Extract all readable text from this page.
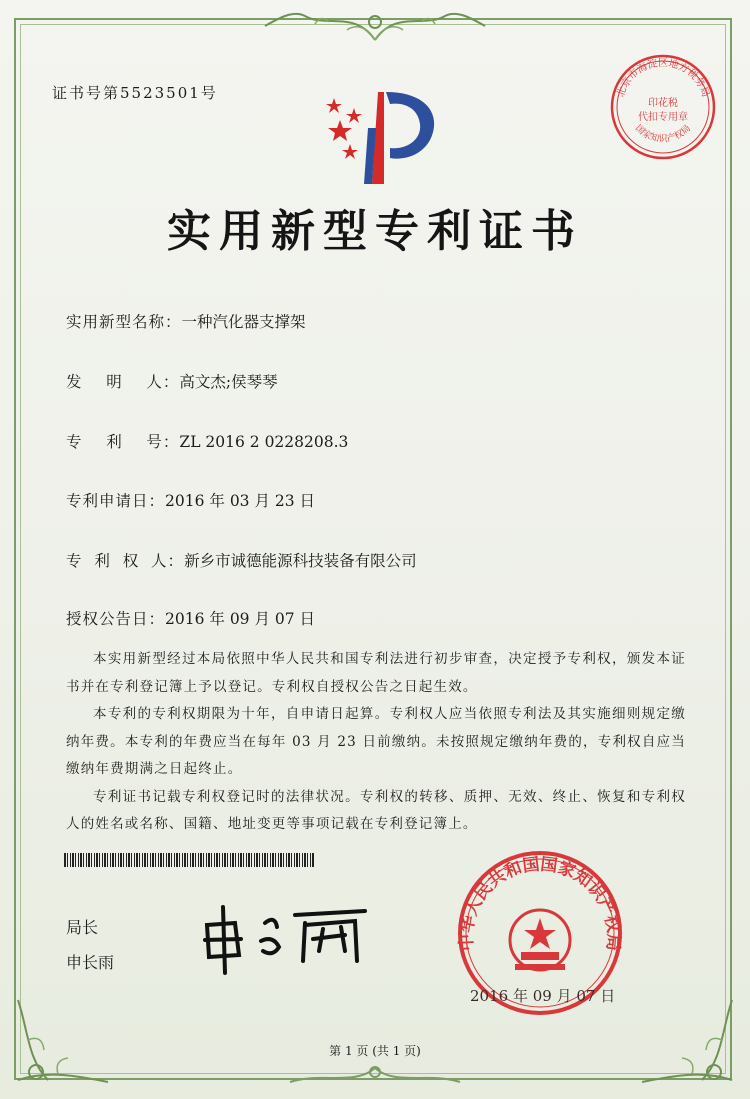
证书号第5523501号	北京市海淀区地方税务局
印花税
代扣专用章
国家知识产权局
实用新型专利证书
实用新型名称：一种汽化器支撑架
发    明    人：高文杰;侯琴琴
专    利    号：ZL 2016 2 0228208.3
专利申请日：2016 年 03 月 23 日
专  利  权  人：新乡市诚德能源科技装备有限公司
授权公告日：2016 年 09 月 07 日

本实用新型经过本局依照中华人民共和国专利法进行初步审查，决定授予专利权，颁发本证书并在专利登记簿上予以登记。专利权自授权公告之日起生效。

本专利的专利权期限为十年，自申请日起算。专利权人应当依照专利法及其实施细则规定缴纳年费。本专利的年费应当在每年 03 月 23 日前缴纳。未按照规定缴纳年费的，专利权自应当缴纳年费期满之日起终止。

专利证书记载专利权登记时的法律状况。专利权的转移、质押、无效、终止、恢复和专利权人的姓名或名称、国籍、地址变更等事项记载在专利登记簿上。

局长
申长雨
中华人民共和国国家知识产权局
2016 年 09 月 07 日
第 1 页 (共 1 页)
